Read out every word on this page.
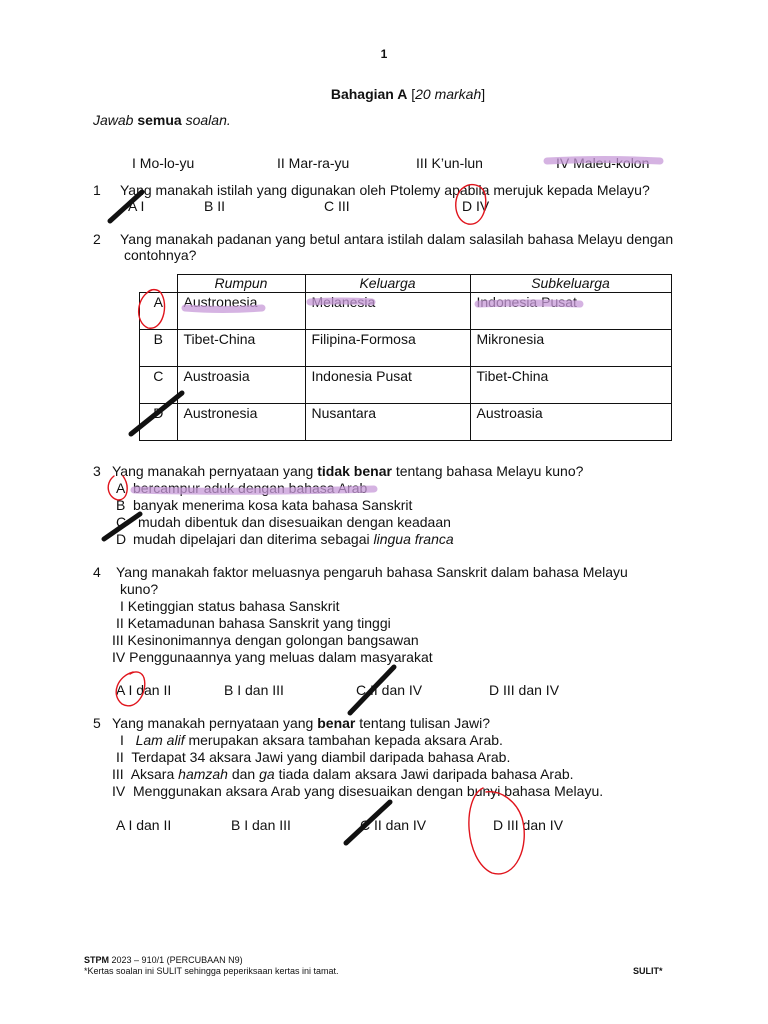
1
Bahagian A [20 markah]
Jawab semua soalan.
I Mo-lo-yu	II Mar-ra-yu	III K’un-lun	IV Maleu-kolon
1 Yang manakah istilah yang digunakan oleh Ptolemy apabila merujuk kepada Melayu?
A I	B II	C III	D IV
2 Yang manakah padanan yang betul antara istilah dalam salasilah bahasa Melayu dengan
contohnya?
	Rumpun	Keluarga	Subkeluarga
A	Austronesia	Melanesia	Indonesia Pusat
B	Tibet-China	Filipina-Formosa	Mikronesia
C	Austroasia	Indonesia Pusat	Tibet-China
D	Austronesia	Nusantara	Austroasia
3 Yang manakah pernyataan yang tidak benar tentang bahasa Melayu kuno?
A bercampur aduk dengan bahasa Arab
B banyak menerima kosa kata bahasa Sanskrit
C mudah dibentuk dan disesuaikan dengan keadaan
D mudah dipelajari dan diterima sebagai lingua franca
4 Yang manakah faktor meluasnya pengaruh bahasa Sanskrit dalam bahasa Melayu
kuno?
I Ketinggian status bahasa Sanskrit
II Ketamadunan bahasa Sanskrit yang tinggi
III Kesinonimannya dengan golongan bangsawan
IV Penggunaannya yang meluas dalam masyarakat
A I dan II	B I dan III	C II dan IV	D III dan IV
5 Yang manakah pernyataan yang benar tentang tulisan Jawi?
I Lam alif merupakan aksara tambahan kepada aksara Arab.
II Terdapat 34 aksara Jawi yang diambil daripada bahasa Arab.
III Aksara hamzah dan ga tiada dalam aksara Jawi daripada bahasa Arab.
IV Menggunakan aksara Arab yang disesuaikan dengan bunyi bahasa Melayu.
A I dan II	B I dan III	C II dan IV	D III dan IV
STPM 2023 – 910/1 (PERCUBAAN N9)
*Kertas soalan ini SULIT sehingga peperiksaan kertas ini tamat.	SULIT*
